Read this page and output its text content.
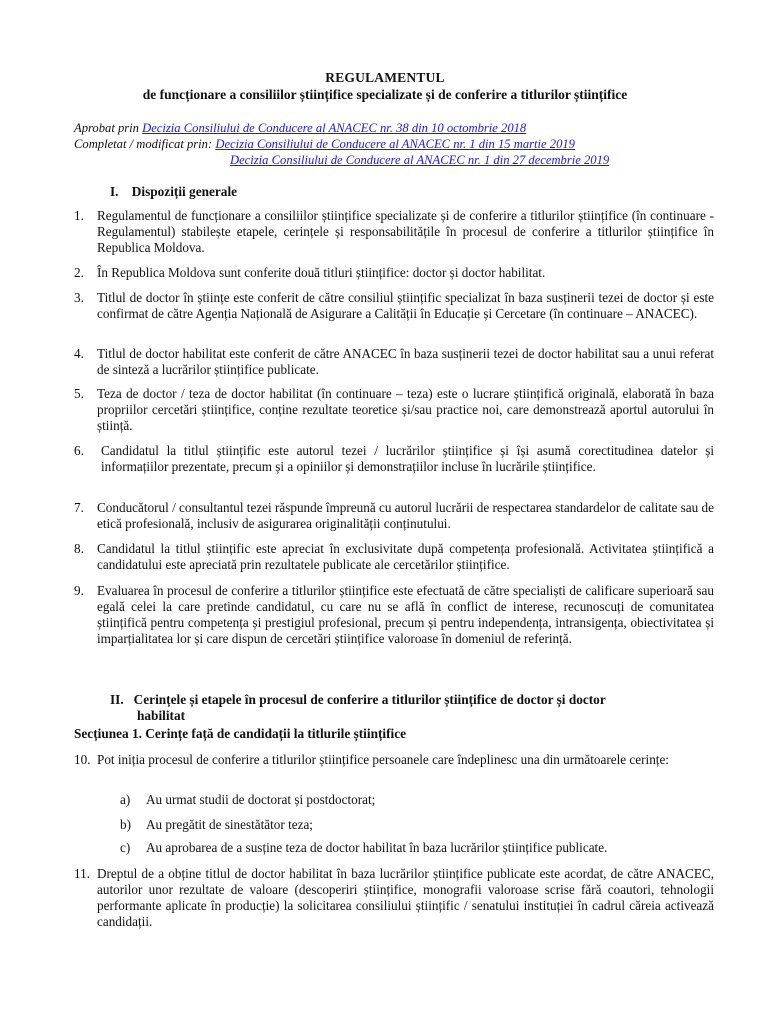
REGULAMENTUL
de funcționare a consiliilor științifice specializate și de conferire a titlurilor științifice
Aprobat prin Decizia Consiliului de Conducere al ANACEC nr. 38 din 10 octombrie 2018
Completat / modificat prin: Decizia Consiliului de Conducere al ANACEC nr. 1 din 15 martie 2019
Decizia Consiliului de Conducere al ANACEC nr. 1 din 27 decembrie 2019
I. Dispoziții generale
1. Regulamentul de funcționare a consiliilor științifice specializate și de conferire a titlurilor științifice (în continuare - Regulamentul) stabilește etapele, cerințele și responsabilitățile în procesul de conferire a titlurilor științifice în Republica Moldova.
2. În Republica Moldova sunt conferite două titluri științifice: doctor și doctor habilitat.
3. Titlul de doctor în științe este conferit de către consiliul științific specializat în baza susținerii tezei de doctor și este confirmat de către Agenția Națională de Asigurare a Calității în Educație și Cercetare (în continuare – ANACEC).
4. Titlul de doctor habilitat este conferit de către ANACEC în baza susținerii tezei de doctor habilitat sau a unui referat de sinteză a lucrărilor științifice publicate.
5. Teza de doctor / teza de doctor habilitat (în continuare – teza) este o lucrare științifică originală, elaborată în baza propriilor cercetări științifice, conține rezultate teoretice și/sau practice noi, care demonstrează aportul autorului în știință.
6. Candidatul la titlul științific este autorul tezei / lucrărilor științifice și își asumă corectitudinea datelor și informațiilor prezentate, precum și a opiniilor și demonstrațiilor incluse în lucrările științifice.
7. Conducătorul / consultantul tezei răspunde împreună cu autorul lucrării de respectarea standardelor de calitate sau de etică profesională, inclusiv de asigurarea originalității conținutului.
8. Candidatul la titlul științific este apreciat în exclusivitate după competența profesională. Activitatea științifică a candidatului este apreciată prin rezultatele publicate ale cercetărilor științifice.
9. Evaluarea în procesul de conferire a titlurilor științifice este efectuată de către specialiști de calificare superioară sau egală celei la care pretinde candidatul, cu care nu se află în conflict de interese, recunoscuți de comunitatea științifică pentru competența și prestigiul profesional, precum și pentru independența, intransigența, obiectivitatea și imparțialitatea lor și care dispun de cercetări științifice valoroase în domeniul de referință.
II. Cerințele și etapele în procesul de conferire a titlurilor științifice de doctor și doctor
habilitat
Secțiunea 1. Cerințe față de candidații la titlurile științifice
10. Pot iniția procesul de conferire a titlurilor științifice persoanele care îndeplinesc una din următoarele cerințe:
a) Au urmat studii de doctorat și postdoctorat;
b) Au pregătit de sinestătător teza;
c) Au aprobarea de a susține teza de doctor habilitat în baza lucrărilor științifice publicate.
11. Dreptul de a obține titlul de doctor habilitat în baza lucrărilor științifice publicate este acordat, de către ANACEC, autorilor unor rezultate de valoare (descoperiri științifice, monografii valoroase scrise fără coautori, tehnologii performante aplicate în producție) la solicitarea consiliului științific / senatului instituției în cadrul căreia activează candidații.
